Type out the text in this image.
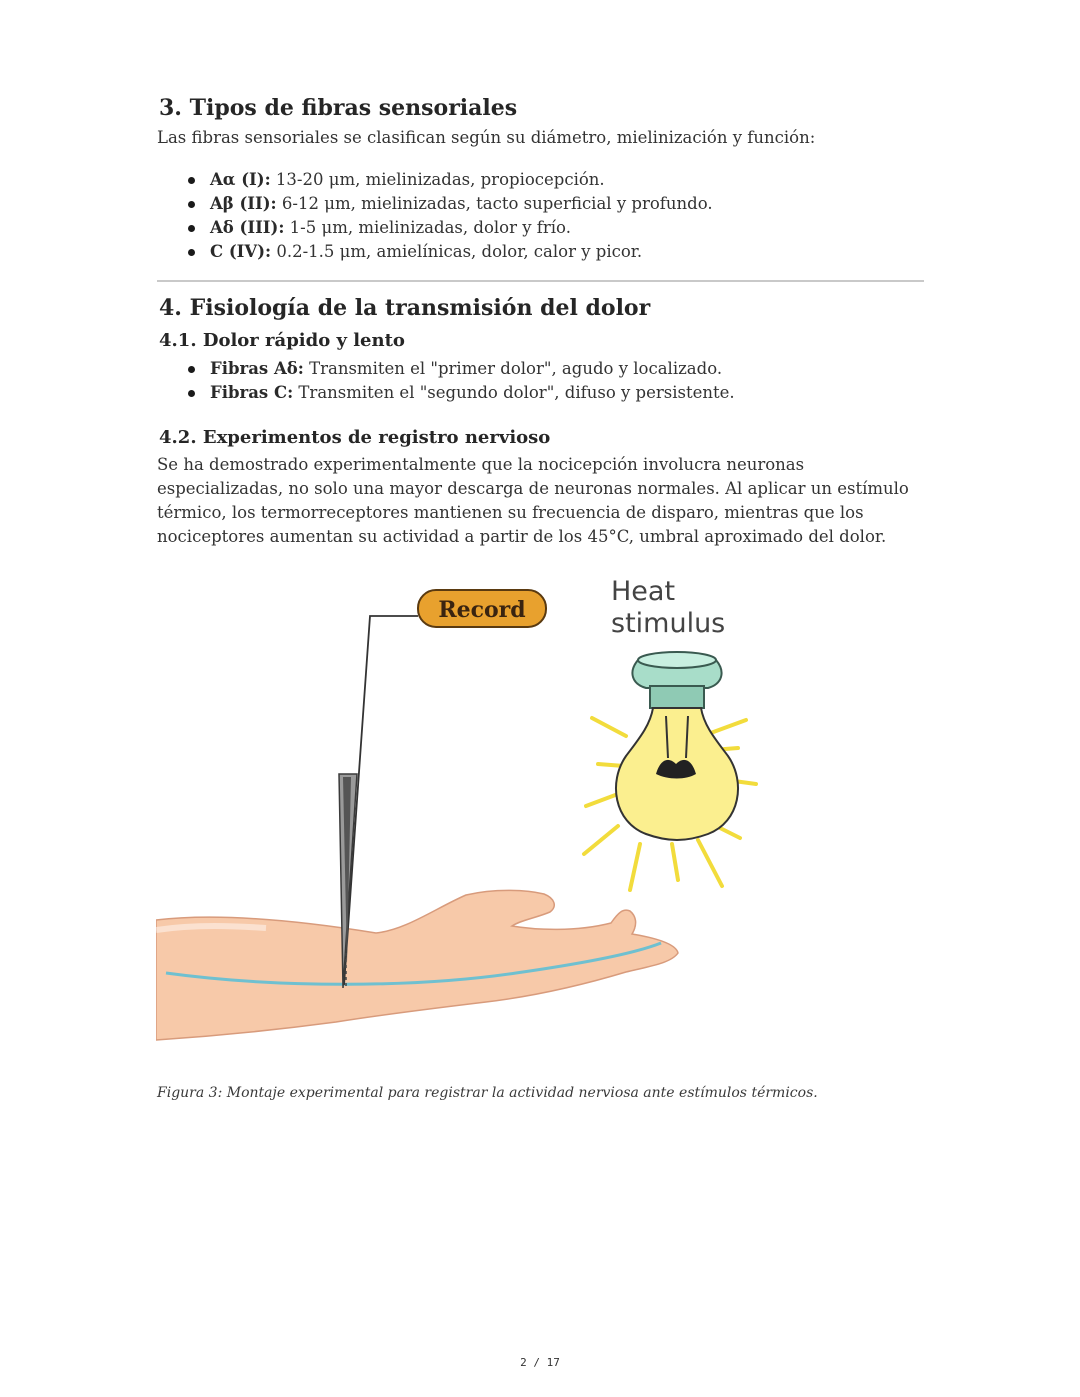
3. Tipos de fibras sensoriales

Las fibras sensoriales se clasifican según su diámetro, mielinización y función:

Aα (I): 13-20 μm, mielinizadas, propiocepción.
Aβ (II): 6-12 μm, mielinizadas, tacto superficial y profundo.
Aδ (III): 1-5 μm, mielinizadas, dolor y frío.
C (IV): 0.2-1.5 μm, amielínicas, dolor, calor y picor.
4. Fisiología de la transmisión del dolor
4.1. Dolor rápido y lento
Fibras Aδ: Transmiten el "primer dolor", agudo y localizado.
Fibras C: Transmiten el "segundo dolor", difuso y persistente.
4.2. Experimentos de registro nervioso
Se ha demostrado experimentalmente que la nocicepción involucra neuronas
especializadas, no solo una mayor descarga de neuronas normales. Al aplicar un estímulo
térmico, los termorreceptores mantienen su frecuencia de disparo, mientras que los
nociceptores aumentan su actividad a partir de los 45°C, umbral aproximado del dolor.
Record
Heat
stimulus

Figura 3: Montaje experimental para registrar la actividad nerviosa ante estímulos térmicos.

2 / 17
